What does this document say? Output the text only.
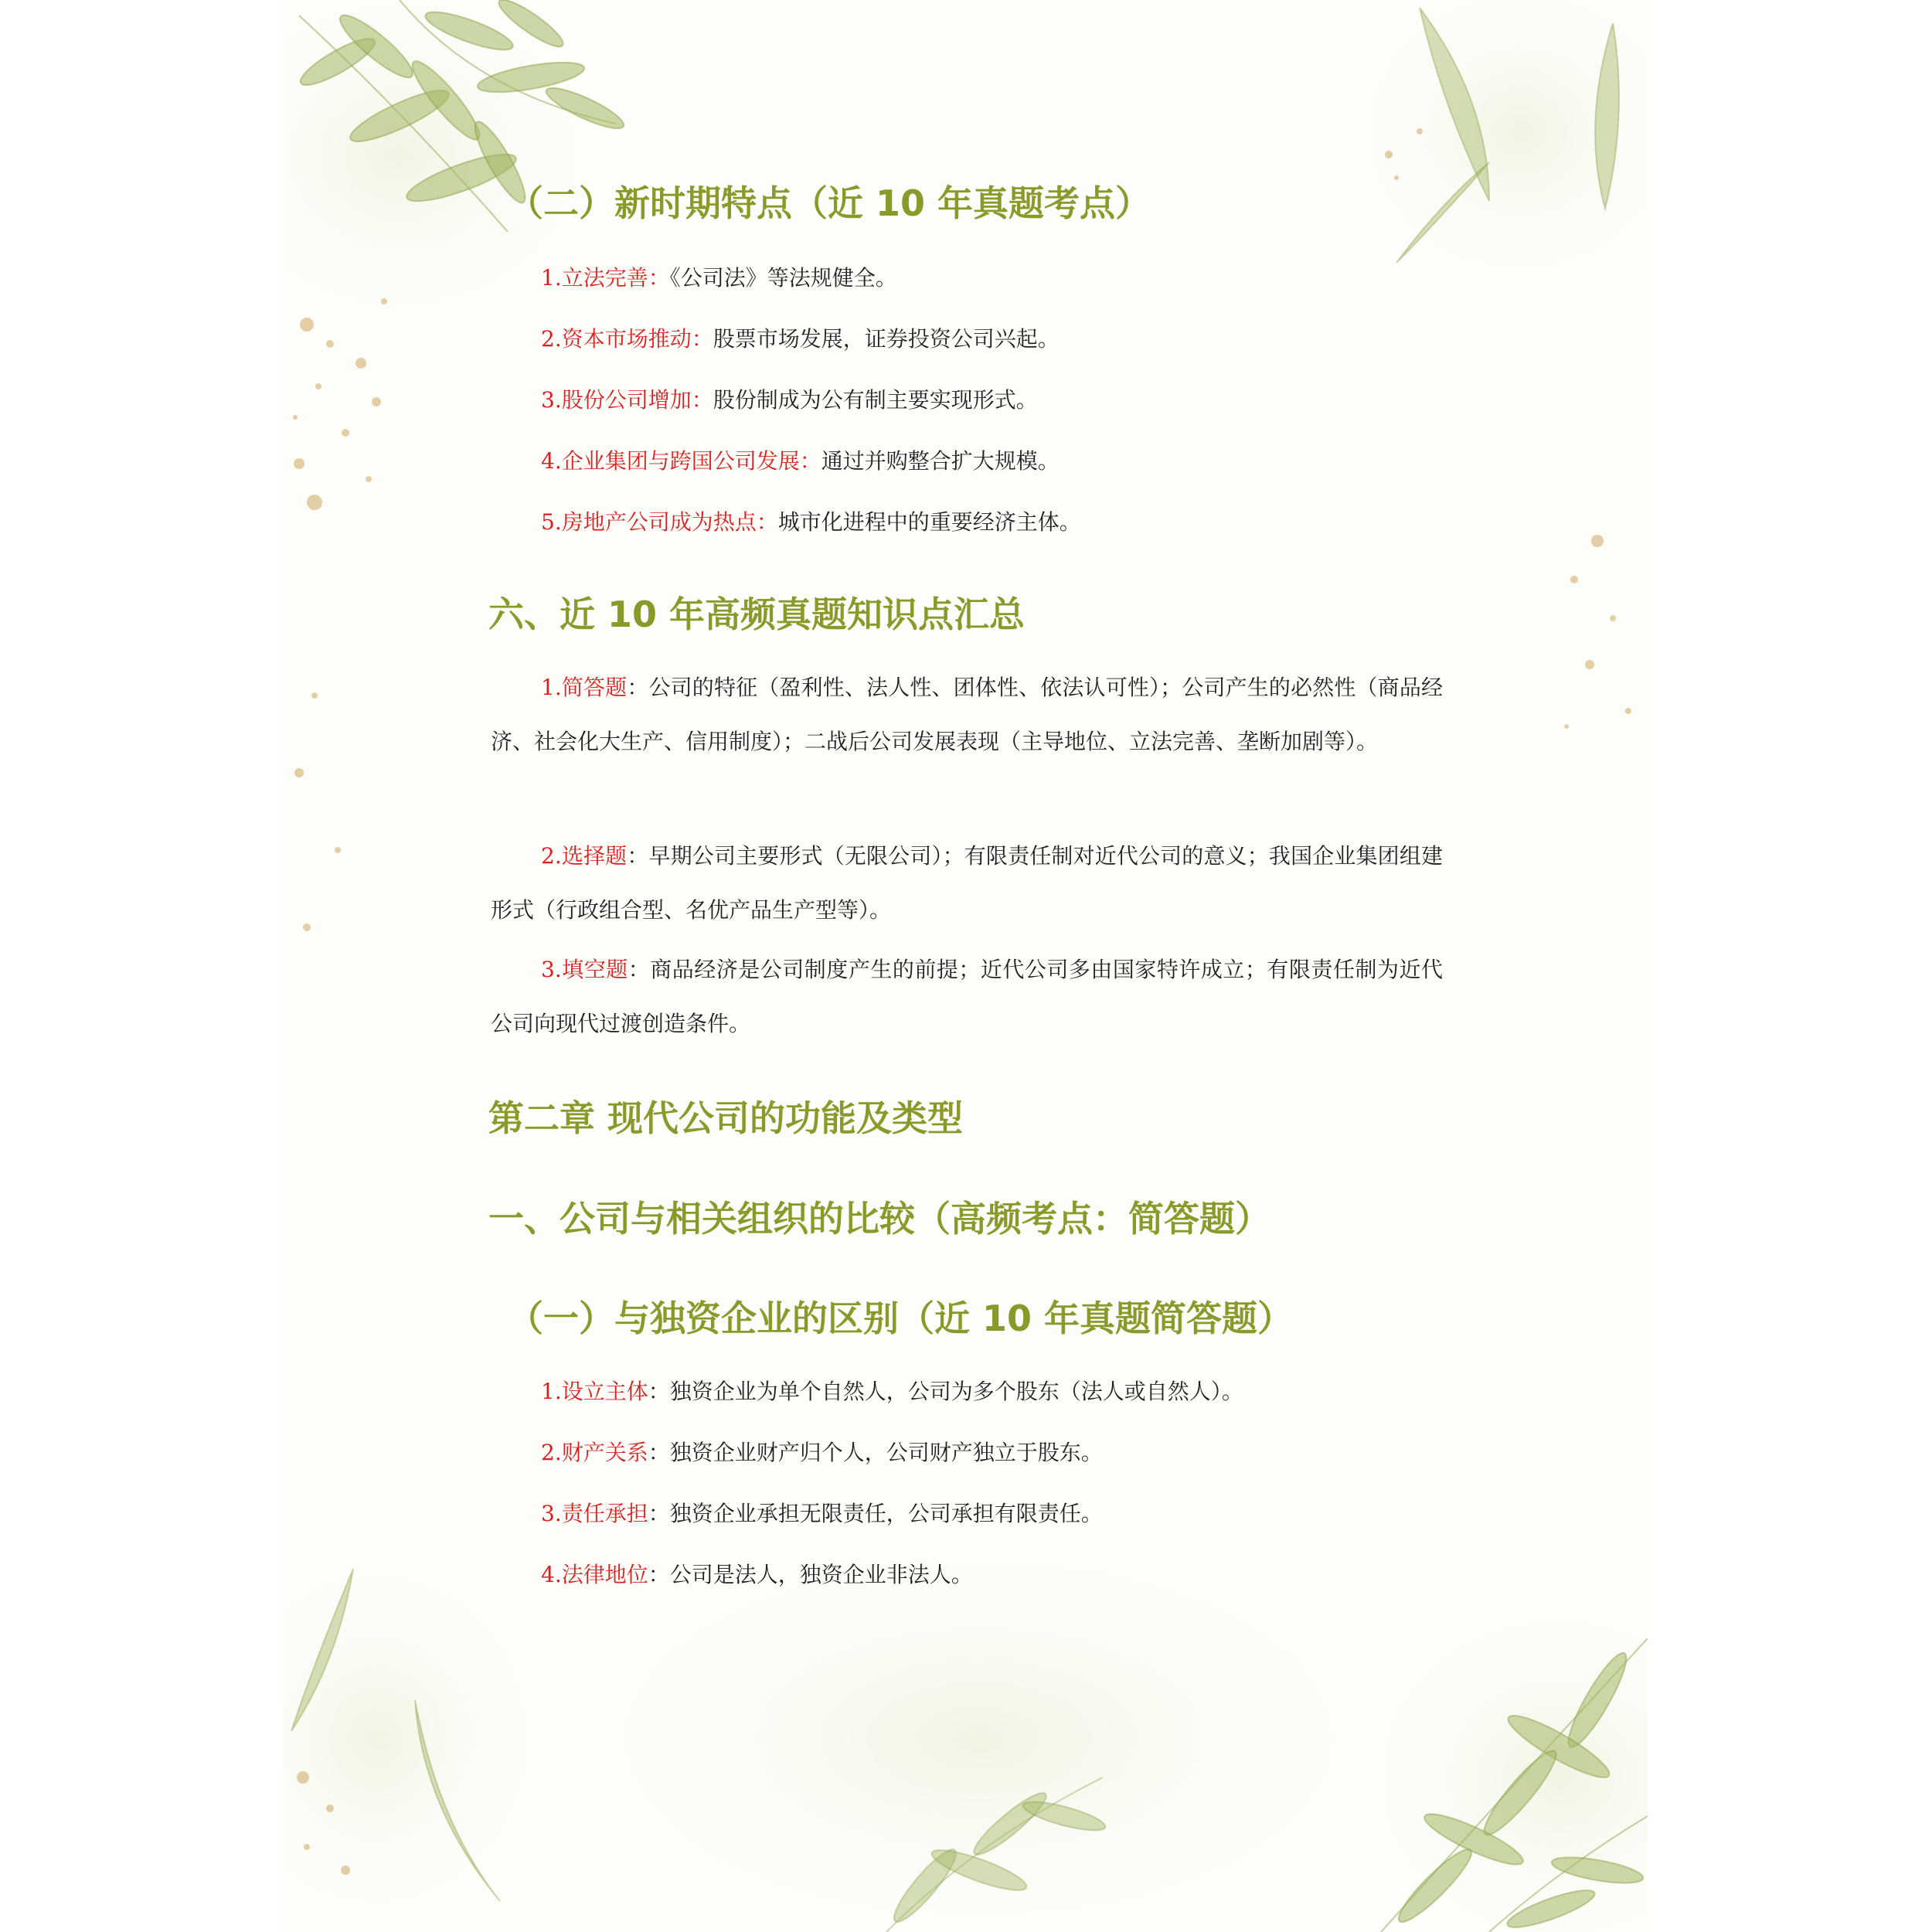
（二）新时期特点（近 10 年真题考点）

1.立法完善：《公司法》等法规健全。

2.资本市场推动：股票市场发展，证券投资公司兴起。

3.股份公司增加：股份制成为公有制主要实现形式。

4.企业集团与跨国公司发展：通过并购整合扩大规模。

5.房地产公司成为热点：城市化进程中的重要经济主体。

六、近 10 年高频真题知识点汇总

1.简答题：公司的特征（盈利性、法人性、团体性、依法认可性）；公司产生的必然性（商品经济、社会化大生产、信用制度）；二战后公司发展表现（主导地位、立法完善、垄断加剧等）。

2.选择题：早期公司主要形式（无限公司）；有限责任制对近代公司的意义；我国企业集团组建形式（行政组合型、名优产品生产型等）。

3.填空题：商品经济是公司制度产生的前提；近代公司多由国家特许成立；有限责任制为近代公司向现代过渡创造条件。

第二章 现代公司的功能及类型
一、公司与相关组织的比较（高频考点：简答题）
（一）与独资企业的区别（近 10 年真题简答题）

1.设立主体：独资企业为单个自然人，公司为多个股东（法人或自然人）。

2.财产关系：独资企业财产归个人，公司财产独立于股东。

3.责任承担：独资企业承担无限责任，公司承担有限责任。

4.法律地位：公司是法人，独资企业非法人。
